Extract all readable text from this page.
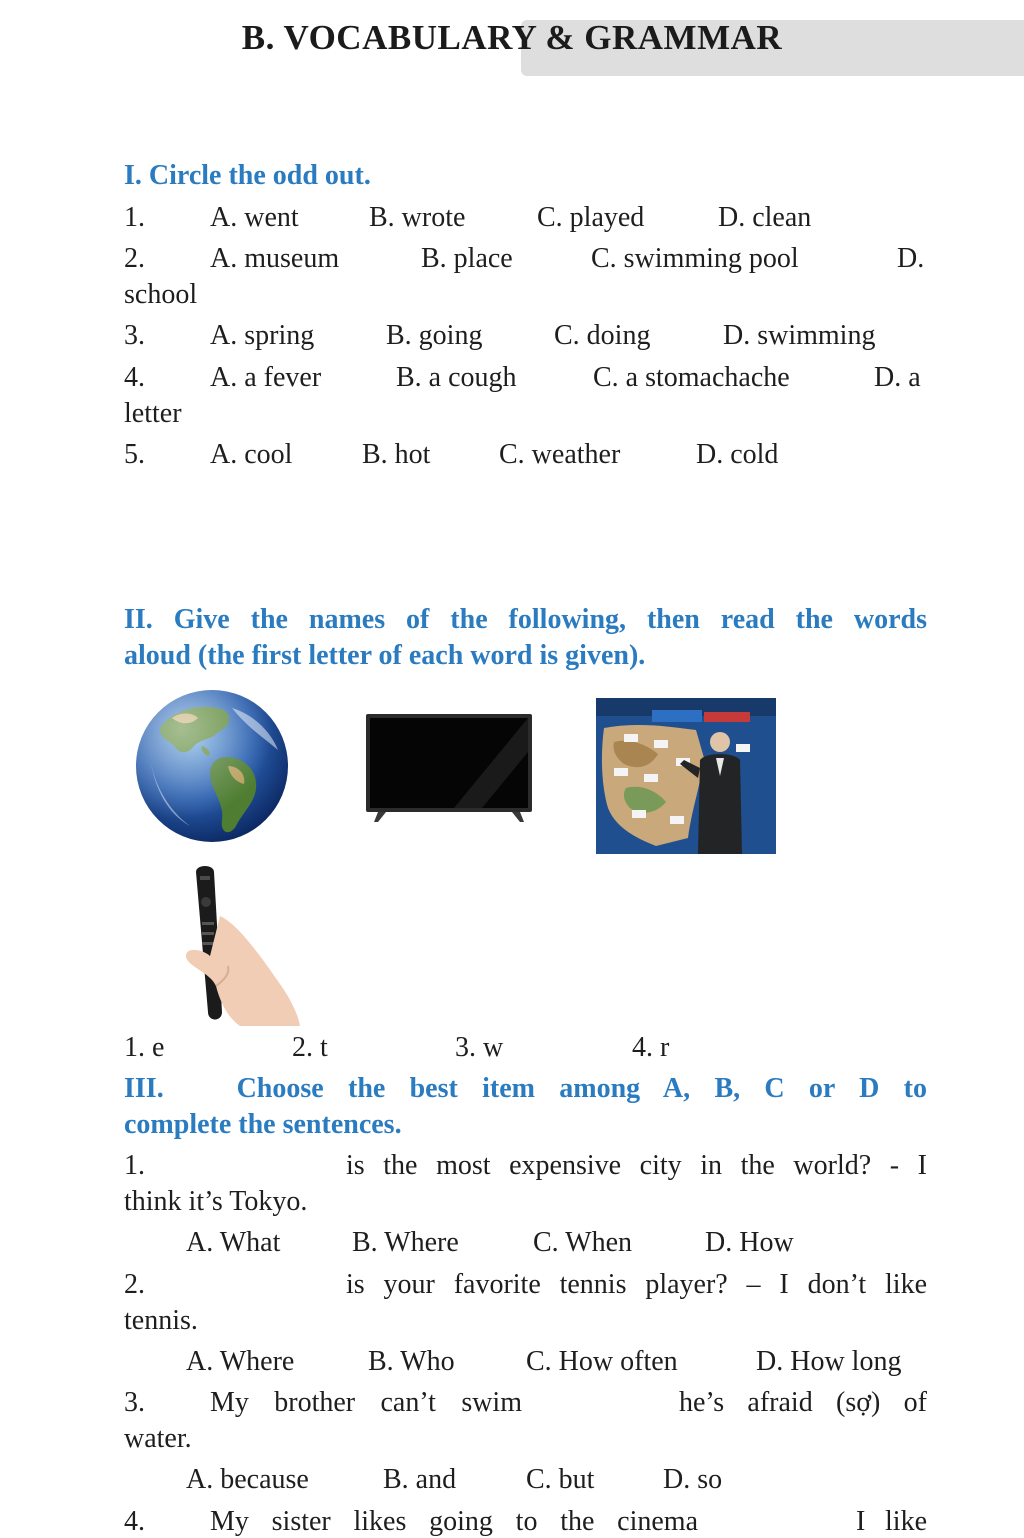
B. VOCABULARY & GRAMMAR
I. Circle the odd out.
1. A. went	B. wrote	C. played	D. clean
2. A. museum	B. place	C. swimming pool	D.
school
3. A. spring	B. going	C. doing	D. swimming
4. A. a fever	B. a cough	C. a stomachache	D. a
letter
5. A. cool B. hot C. weather	D. cold
II. Give the names of the following, then read the words
aloud (the first letter of each word is given).
1. e	2. t	3. w	4. r
III.   Choose the best item among A, B, C or D to
complete the sentences.
1.	is the most expensive city in the world? - I
think it’s Tokyo.
A. What	B. Where	C. When	D. How
2.	is your favorite tennis player? – I don’t like
tennis.
A. Where	B. Who	C. How often	D. How long
3. My brother can’t swim	he’s afraid (sợ) of
water.
A. because	B. and C. but D. so
4. My sister likes going to the cinema	I like
